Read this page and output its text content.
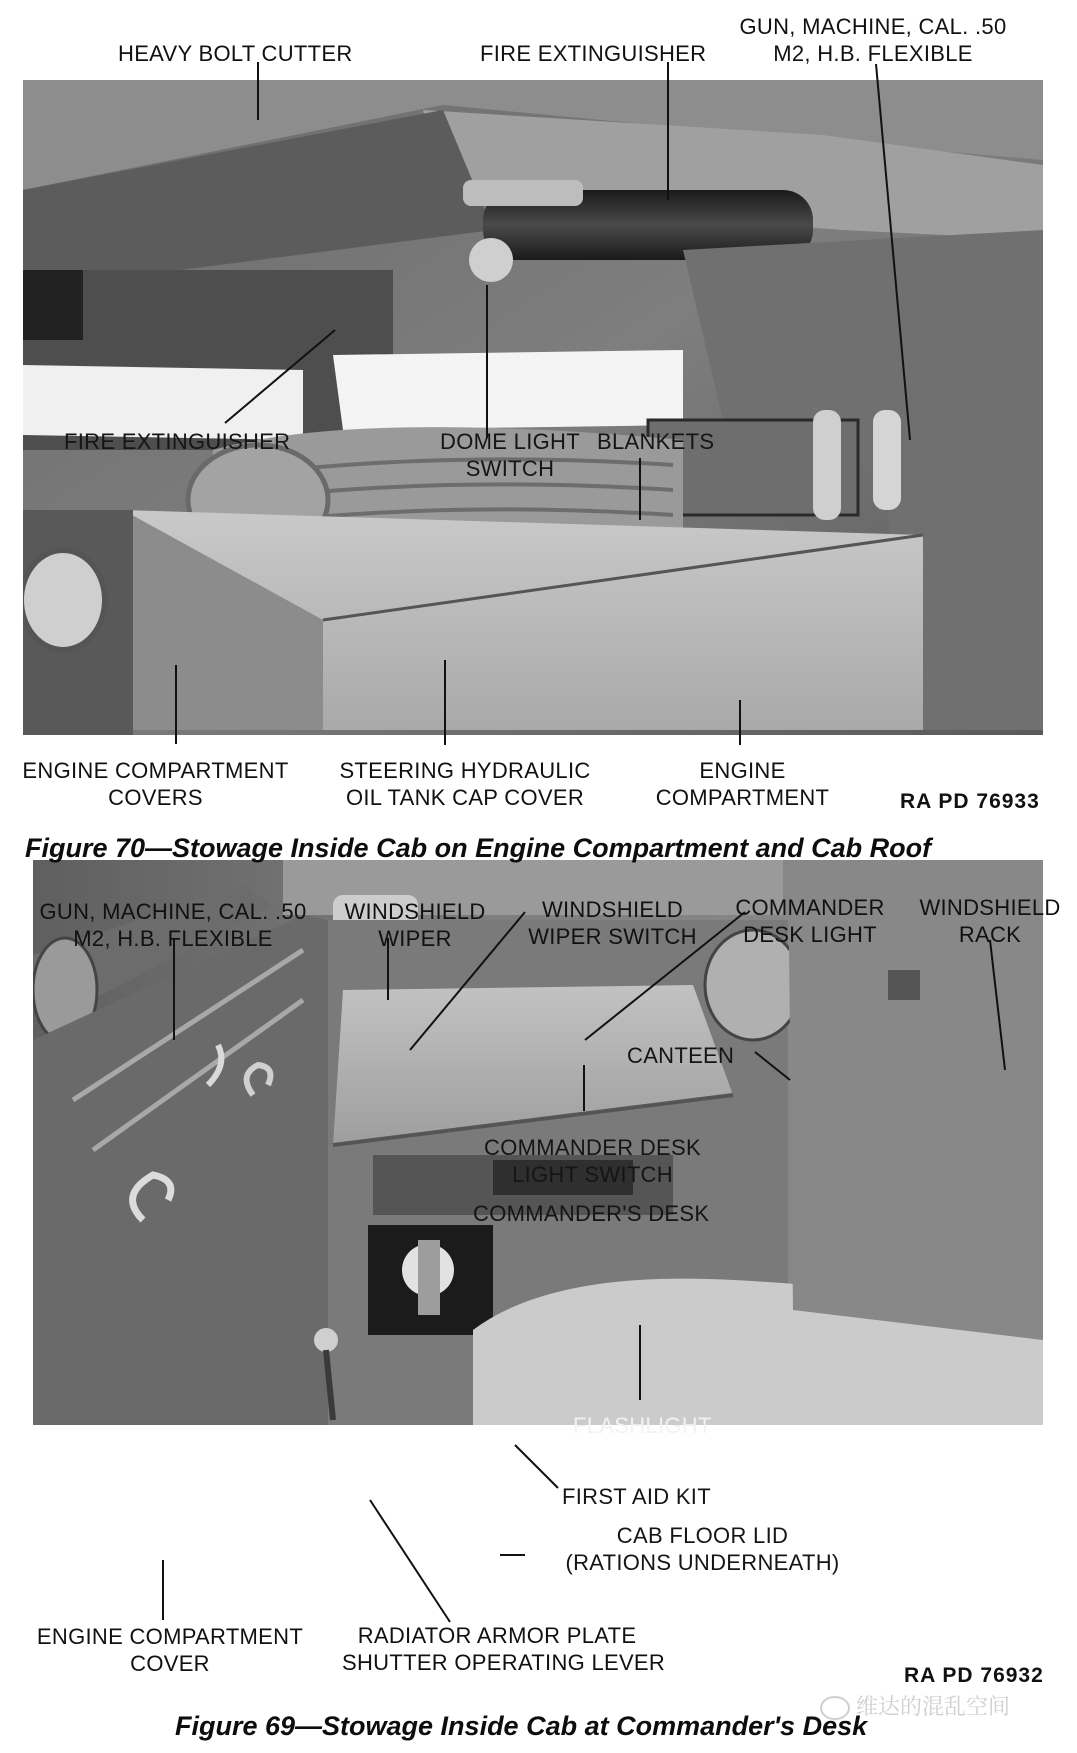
HEAVY BOLT CUTTER	FIRE EXTINGUISHER
GUN, MACHINE, CAL. .50
M2, H.B. FLEXIBLE
FIRE EXTINGUISHER	DOME LIGHT
SWITCH
BLANKETS
ENGINE COMPARTMENT
COVERS
STEERING HYDRAULIC
OIL TANK CAP COVER
ENGINE
COMPARTMENT	RA PD 76933
Figure 70—Stowage Inside Cab on Engine Compartment and Cab Roof
GUN, MACHINE, CAL. .50
M2, H.B. FLEXIBLE
WINDSHIELD
WIPER
WINDSHIELD
WIPER SWITCH
COMMANDER
DESK LIGHT
WINDSHIELD
RACK
CANTEEN
COMMANDER DESK
LIGHT SWITCH
COMMANDER'S DESK
FLASHLIGHT
FIRST AID KIT
CAB FLOOR LID
(RATIONS UNDERNEATH)
ENGINE COMPARTMENT
COVER
RADIATOR ARMOR PLATE
SHUTTER OPERATING LEVER
RA PD 76932
Figure 69—Stowage Inside Cab at Commander's Desk
维达的混乱空间
